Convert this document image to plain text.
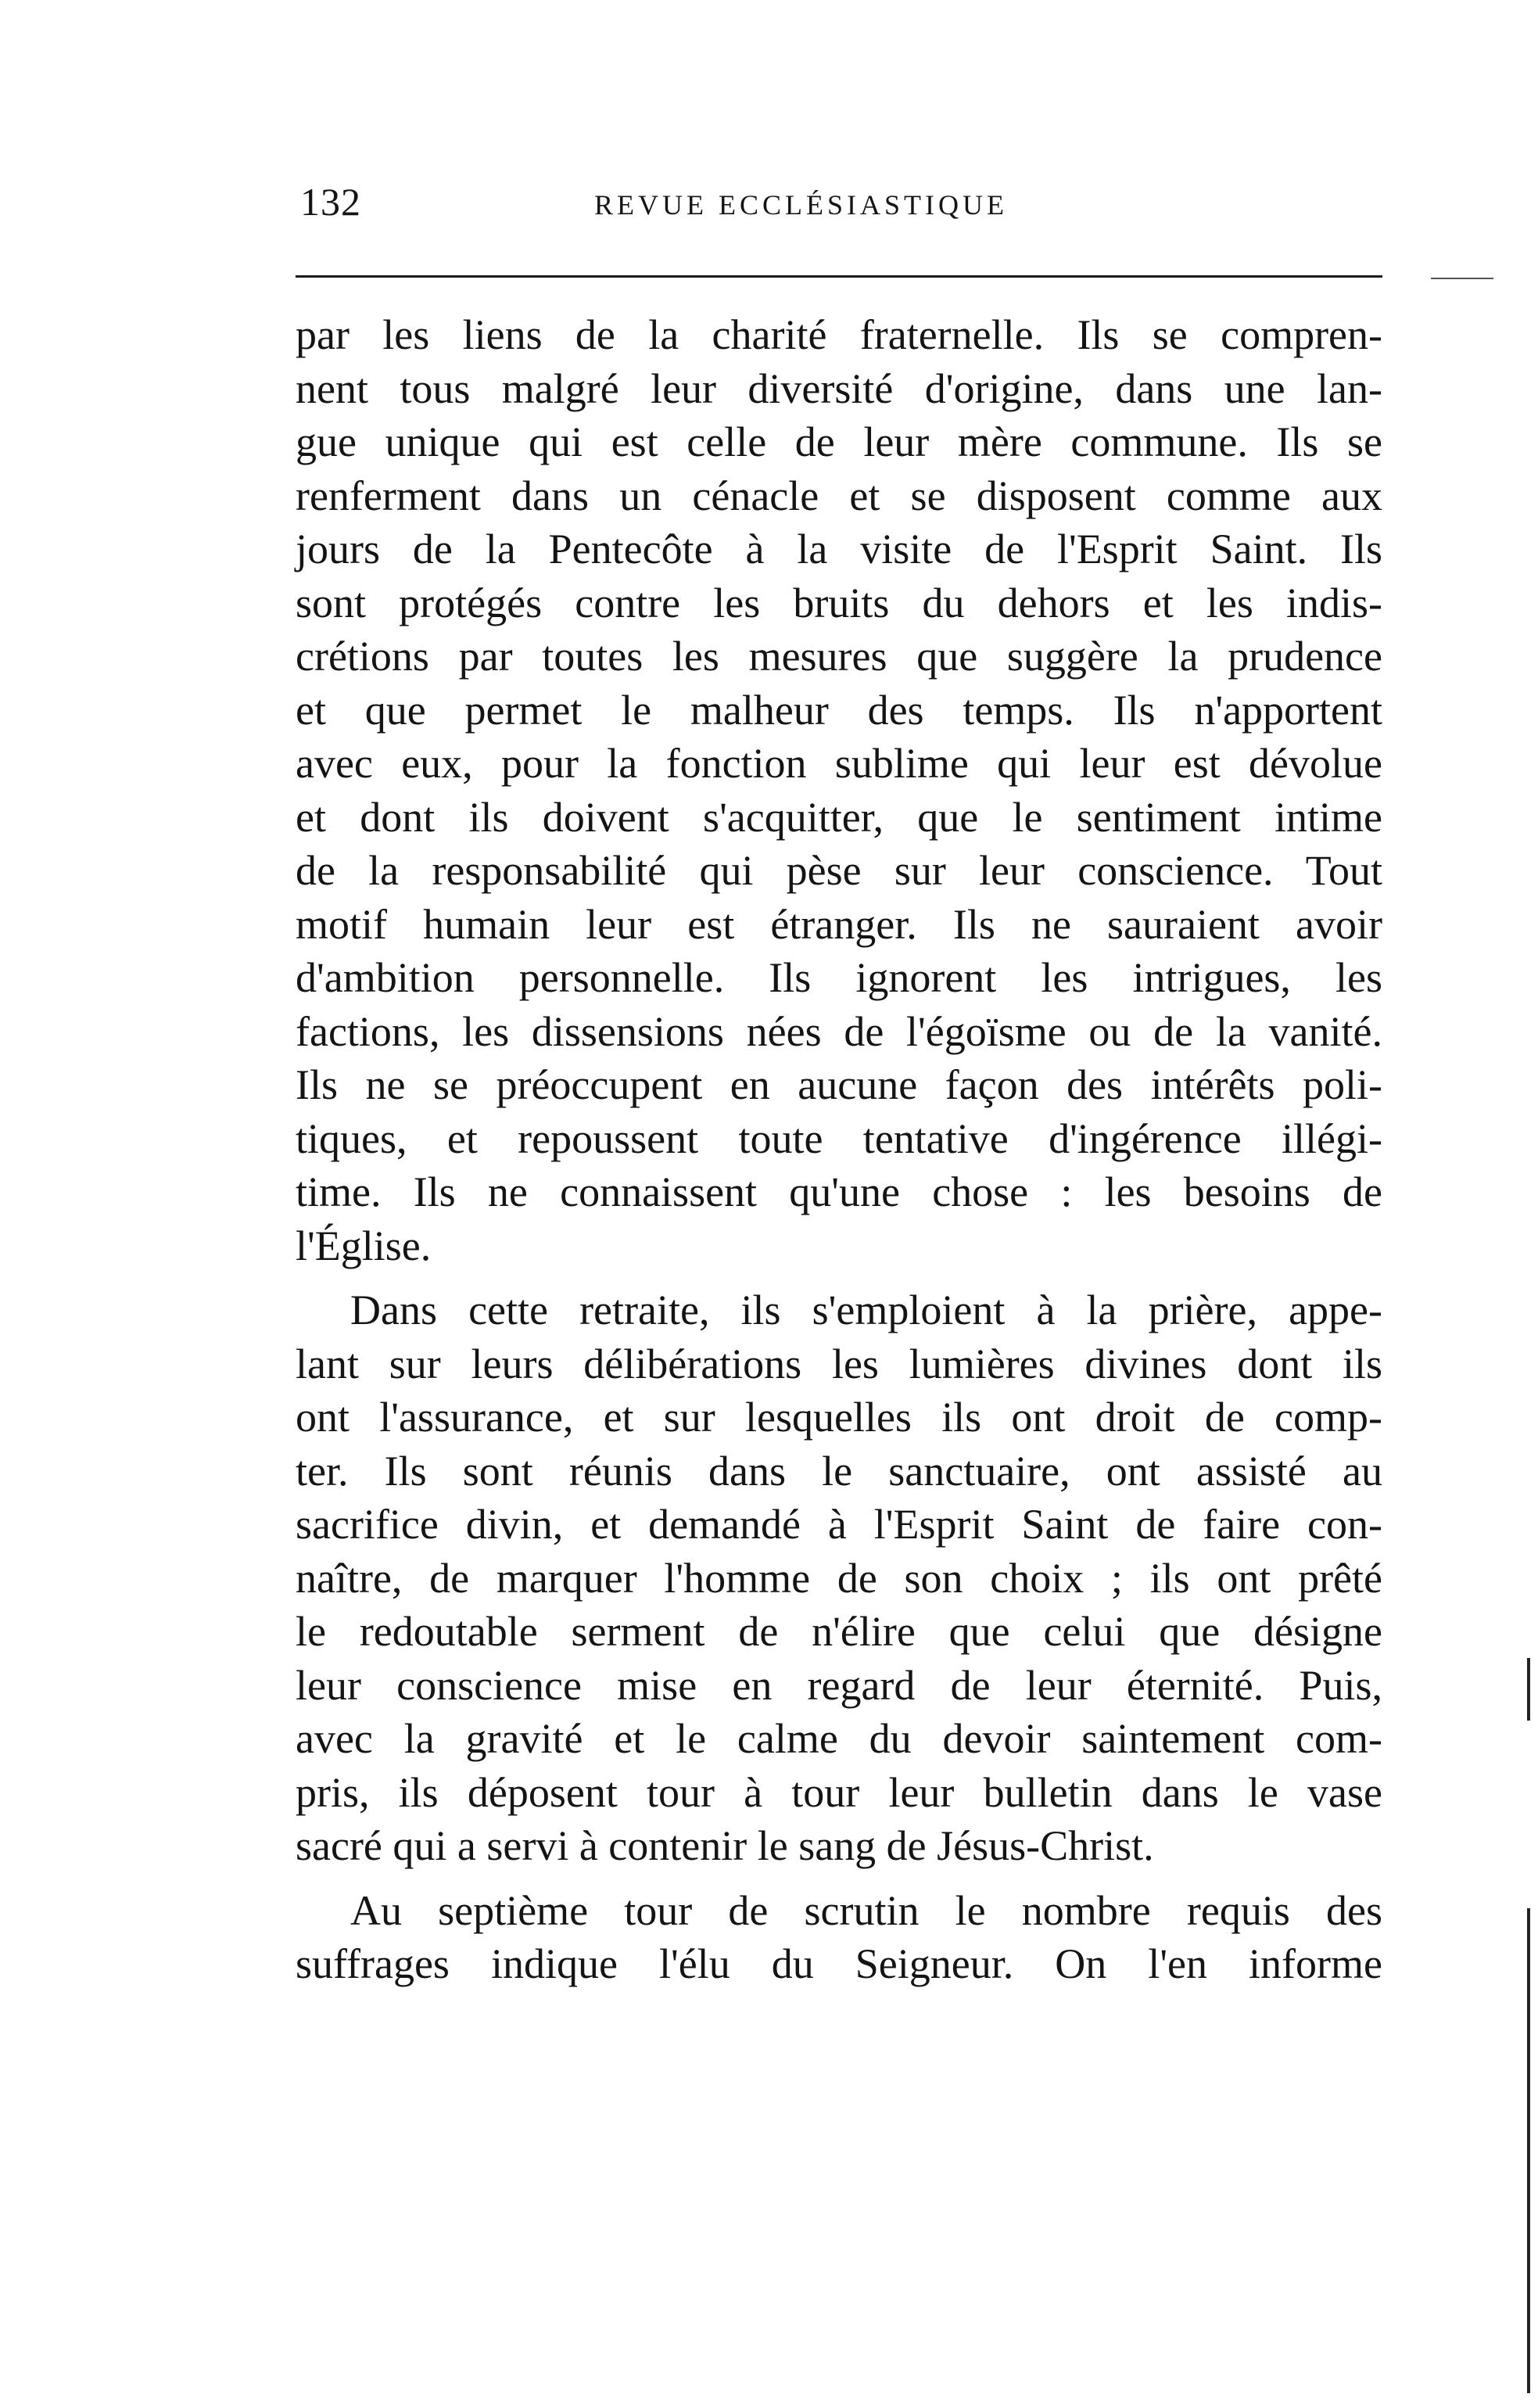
132	REVUE ECCLÉSIASTIQUE
par les liens de la charité fraternelle. Ils se compren-
nent tous malgré leur diversité d'origine, dans une lan-
gue unique qui est celle de leur mère commune. Ils se
renferment dans un cénacle et se disposent comme aux
jours de la Pentecôte à la visite de l'Esprit Saint. Ils
sont protégés contre les bruits du dehors et les indis-
crétions par toutes les mesures que suggère la prudence
et que permet le malheur des temps. Ils n'apportent
avec eux, pour la fonction sublime qui leur est dévolue
et dont ils doivent s'acquitter, que le sentiment intime
de la responsabilité qui pèse sur leur conscience. Tout
motif humain leur est étranger. Ils ne sauraient avoir
d'ambition personnelle. Ils ignorent les intrigues, les
factions, les dissensions nées de l'égoïsme ou de la vanité.
Ils ne se préoccupent en aucune façon des intérêts poli-
tiques, et repoussent toute tentative d'ingérence illégi-
time. Ils ne connaissent qu'une chose : les besoins de
l'Église.
Dans cette retraite, ils s'emploient à la prière, appe-
lant sur leurs délibérations les lumières divines dont ils
ont l'assurance, et sur lesquelles ils ont droit de comp-
ter. Ils sont réunis dans le sanctuaire, ont assisté au
sacrifice divin, et demandé à l'Esprit Saint de faire con-
naître, de marquer l'homme de son choix ; ils ont prêté
le redoutable serment de n'élire que celui que désigne
leur conscience mise en regard de leur éternité. Puis,
avec la gravité et le calme du devoir saintement com-
pris, ils déposent tour à tour leur bulletin dans le vase
sacré qui a servi à contenir le sang de Jésus-Christ.
Au septième tour de scrutin le nombre requis des
suffrages indique l'élu du Seigneur. On l'en informe
